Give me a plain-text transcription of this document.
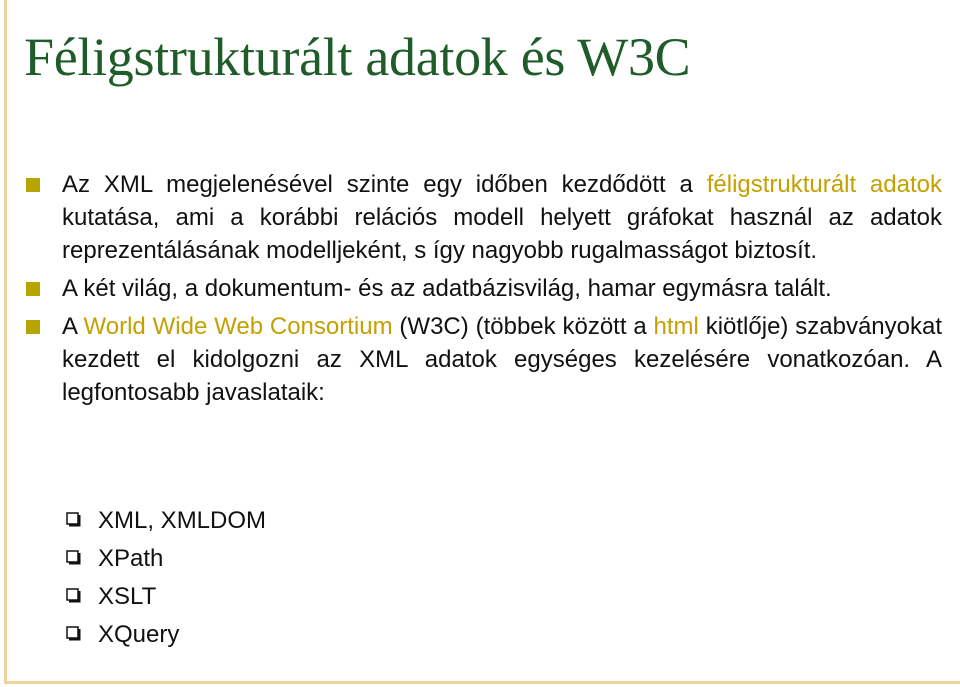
Féligstrukturált adatok és W3C
Az XML megjelenésével szinte egy időben kezdődött a féligstrukturált adatok kutatása, ami a korábbi relációs modell helyett gráfokat használ az adatok reprezentálásának modelljeként, s így nagyobb rugalmasságot biztosít.
A két világ, a dokumentum- és az adatbázisvilág, hamar egymásra talált.
A World Wide Web Consortium (W3C) (többek között a html kiötlője) szabványokat kezdett el kidolgozni az XML adatok egységes kezelésére vonatkozóan. A legfontosabb javaslataik:
XML, XMLDOM
XPath
XSLT
XQuery
